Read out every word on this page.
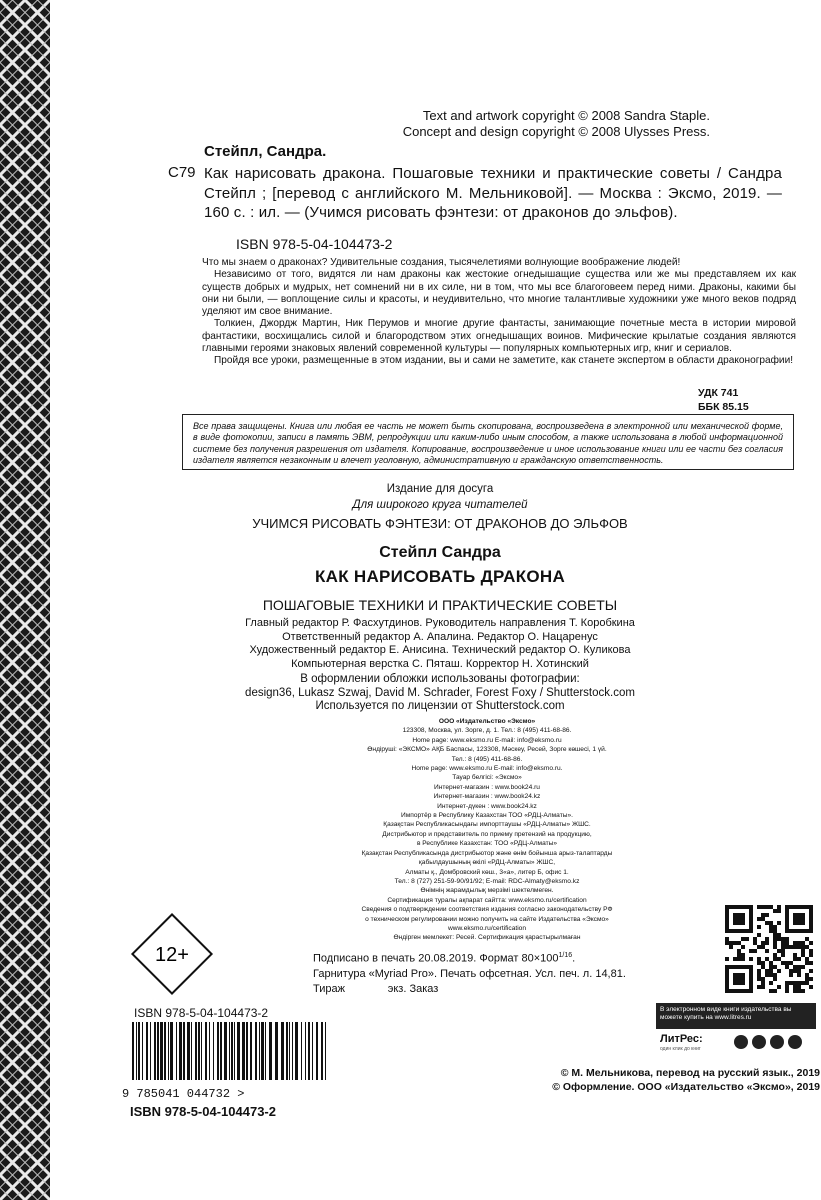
Text and artwork copyright © 2008 Sandra Staple.
Concept and design copyright © 2008 Ulysses Press.
Стейпл, Сандра.
С79 Как нарисовать дракона. Пошаговые техники и практические советы / Сандра Стейпл ; [перевод с английского М. Мельниковой]. — Москва : Эксмо, 2019. — 160 с. : ил. — (Учимся рисовать фэнтези: от драконов до эльфов).
ISBN 978-5-04-104473-2

Что мы знаем о драконах? Удивительные создания, тысячелетиями волнующие воображение людей!

Независимо от того, видятся ли нам драконы как жестокие огнедышащие существа или же мы представляем их как существ добрых и мудрых, нет сомнений ни в их силе, ни в том, что мы все благоговеем перед ними. Драконы, какими бы они ни были, — воплощение силы и красоты, и неудивительно, что многие талантливые художники уже много веков подряд уделяют им свое внимание.

Толкиен, Джордж Мартин, Ник Перумов и многие другие фантасты, занимающие почетные места в истории мировой фантастики, восхищались силой и благородством этих огнедышащих воинов. Мифические крылатые создания являются главными героями знаковых явлений современной культуры — популярных компьютерных игр, книг и сериалов.

Пройдя все уроки, размещенные в этом издании, вы и сами не заметите, как станете экспертом в области драконографии!

УДК 741
ББК 85.15
Все права защищены. Книга или любая ее часть не может быть скопирована, воспроизведена в электронной или механической форме, в виде фотокопии, записи в память ЭВМ, репродукции или каким-либо иным способом, а также использована в любой информационной системе без получения разрешения от издателя. Копирование, воспроизведение и иное использование книги или ее части без согласия издателя является незаконным и влечет уголовную, административную и гражданскую ответственность.
Издание для досуга
Для широкого круга читателей
УЧИМСЯ РИСОВАТЬ ФЭНТЕЗИ: ОТ ДРАКОНОВ ДО ЭЛЬФОВ
Стейпл Сандра
КАК НАРИСОВАТЬ ДРАКОНА
ПОШАГОВЫЕ ТЕХНИКИ И ПРАКТИЧЕСКИЕ СОВЕТЫ
Главный редактор Р. Фасхутдинов. Руководитель направления Т. Коробкина
Ответственный редактор А. Апалина. Редактор О. Нацаренус
Художественный редактор Е. Анисина. Технический редактор О. Куликова
Компьютерная верстка С. Пяташ. Корректор Н. Хотинский
В оформлении обложки использованы фотографии:
design36, Lukasz Szwaj, David M. Schrader, Forest Foxy / Shutterstock.com
Используется по лицензии от Shutterstock.com
ООО «Издательство «Эксмо»
123308, Москва, ул. Зорге, д. 1. Тел.: 8 (495) 411-68-86.
Home page: www.eksmo.ru E-mail: info@eksmo.ru
Өндіруші: «ЭКСМО» АҚБ Баспасы, 123308, Мәскеу, Ресей, Зорге көшесі, 1 үй.
Тел.: 8 (495) 411-68-86.
Home page: www.eksmo.ru E-mail: info@eksmo.ru.
Тауар белгісі: «Эксмо»
Интернет-магазин : www.book24.ru
Интернет-магазин : www.book24.kz
Интернет-дүкен : www.book24.kz
Импортёр в Республику Казахстан ТОО «РДЦ-Алматы».
Қазақстан Республикасындағы импорттаушы «РДЦ-Алматы» ЖШС.
Дистрибьютор и представитель по приему претензий на продукцию,
в Республике Казахстан: ТОО «РДЦ-Алматы»
Қазақстан Республикасында дистрибьютор және өнім бойынша арыз-талаптарды
қабылдаушының өкілі «РДЦ-Алматы» ЖШС,
Алматы қ., Домбровский көш., 3«а», литер Б, офис 1.
Тел.: 8 (727) 251-59-90/91/92; E-mail: RDC-Almaty@eksmo.kz
Өнімнің жарамдылық мерзімі шектелмеген.
Сертификация туралы ақпарат сайтта: www.eksmo.ru/certification
Сведения о подтверждении соответствия издания согласно законодательству РФ
о техническом регулировании можно получить на сайте Издательства «Эксмо»
www.eksmo.ru/certification
Өндірген мемлекет: Ресей. Сертификация қарастырылмаған
Подписано в печать 20.08.2019. Формат $80\times 100^{1/16}$.
Гарнитура «Myriad Pro». Печать офсетная. Усл. печ. л. 14,81.
Тираж              экз. Заказ
12+
ISBN 978-5-04-104473-2
9 785041 044732 >
ISBN 978-5-04-104473-2
В электронном виде книги издательства вы можете купить на www.litres.ru
ЛитРес:
один клик до книг
© М. Мельникова, перевод на русский язык., 2019
© Оформление. ООО «Издательство «Эксмо», 2019
